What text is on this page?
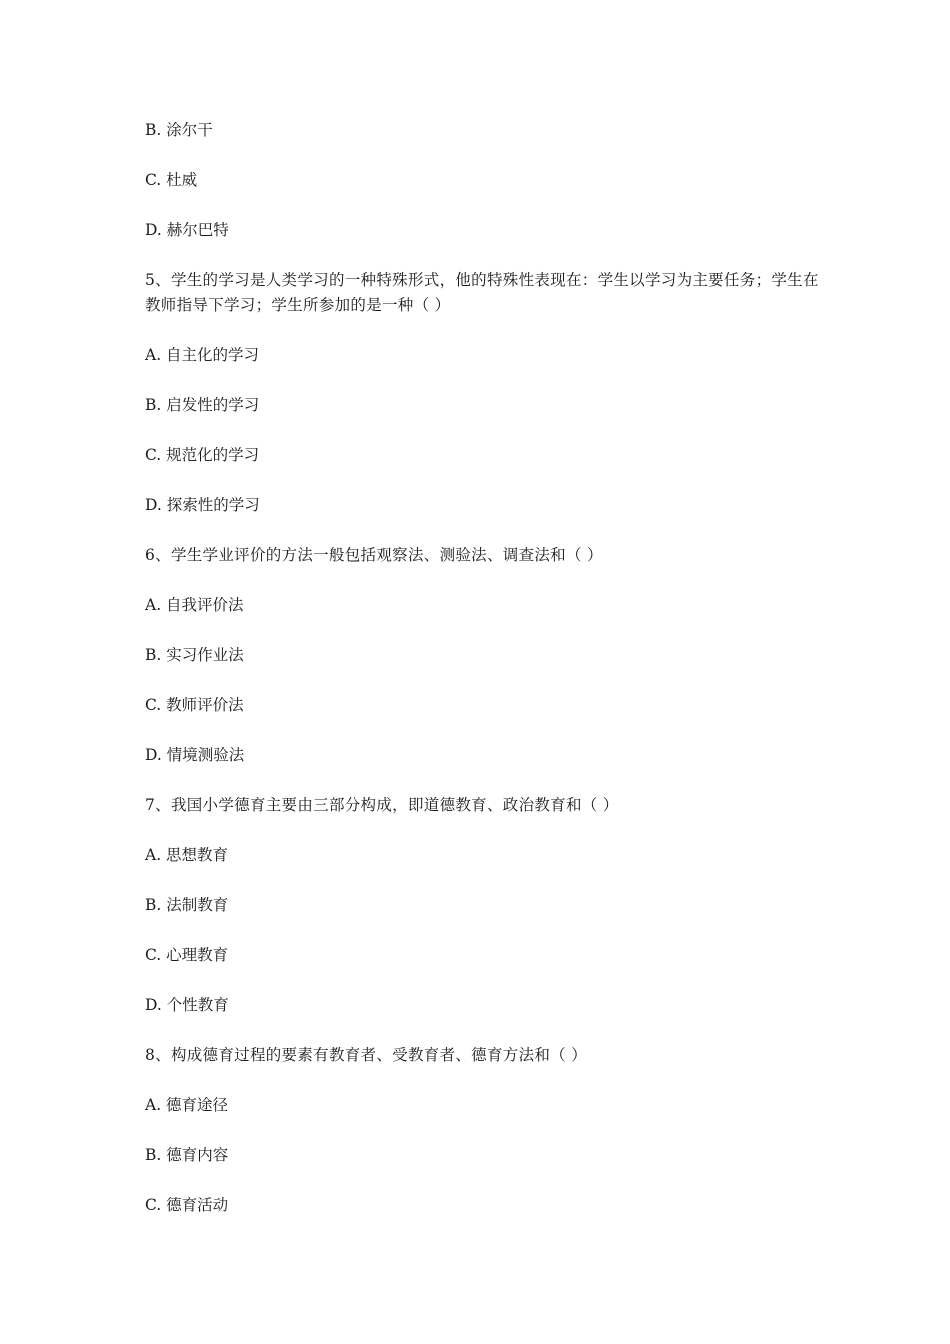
B. 涂尔干

C. 杜威

D. 赫尔巴特

5、学生的学习是人类学习的一种特殊形式，他的特殊性表现在：学生以学习为主要任务；学生在教师指导下学习；学生所参加的是一种（ ）

A. 自主化的学习

B. 启发性的学习

C. 规范化的学习

D. 探索性的学习

6、学生学业评价的方法一般包括观察法、测验法、调查法和（ ）

A. 自我评价法

B. 实习作业法

C. 教师评价法

D. 情境测验法

7、我国小学德育主要由三部分构成，即道德教育、政治教育和（ ）

A. 思想教育

B. 法制教育

C. 心理教育

D. 个性教育

8、构成德育过程的要素有教育者、受教育者、德育方法和（ ）

A. 德育途径

B. 德育内容

C. 德育活动
